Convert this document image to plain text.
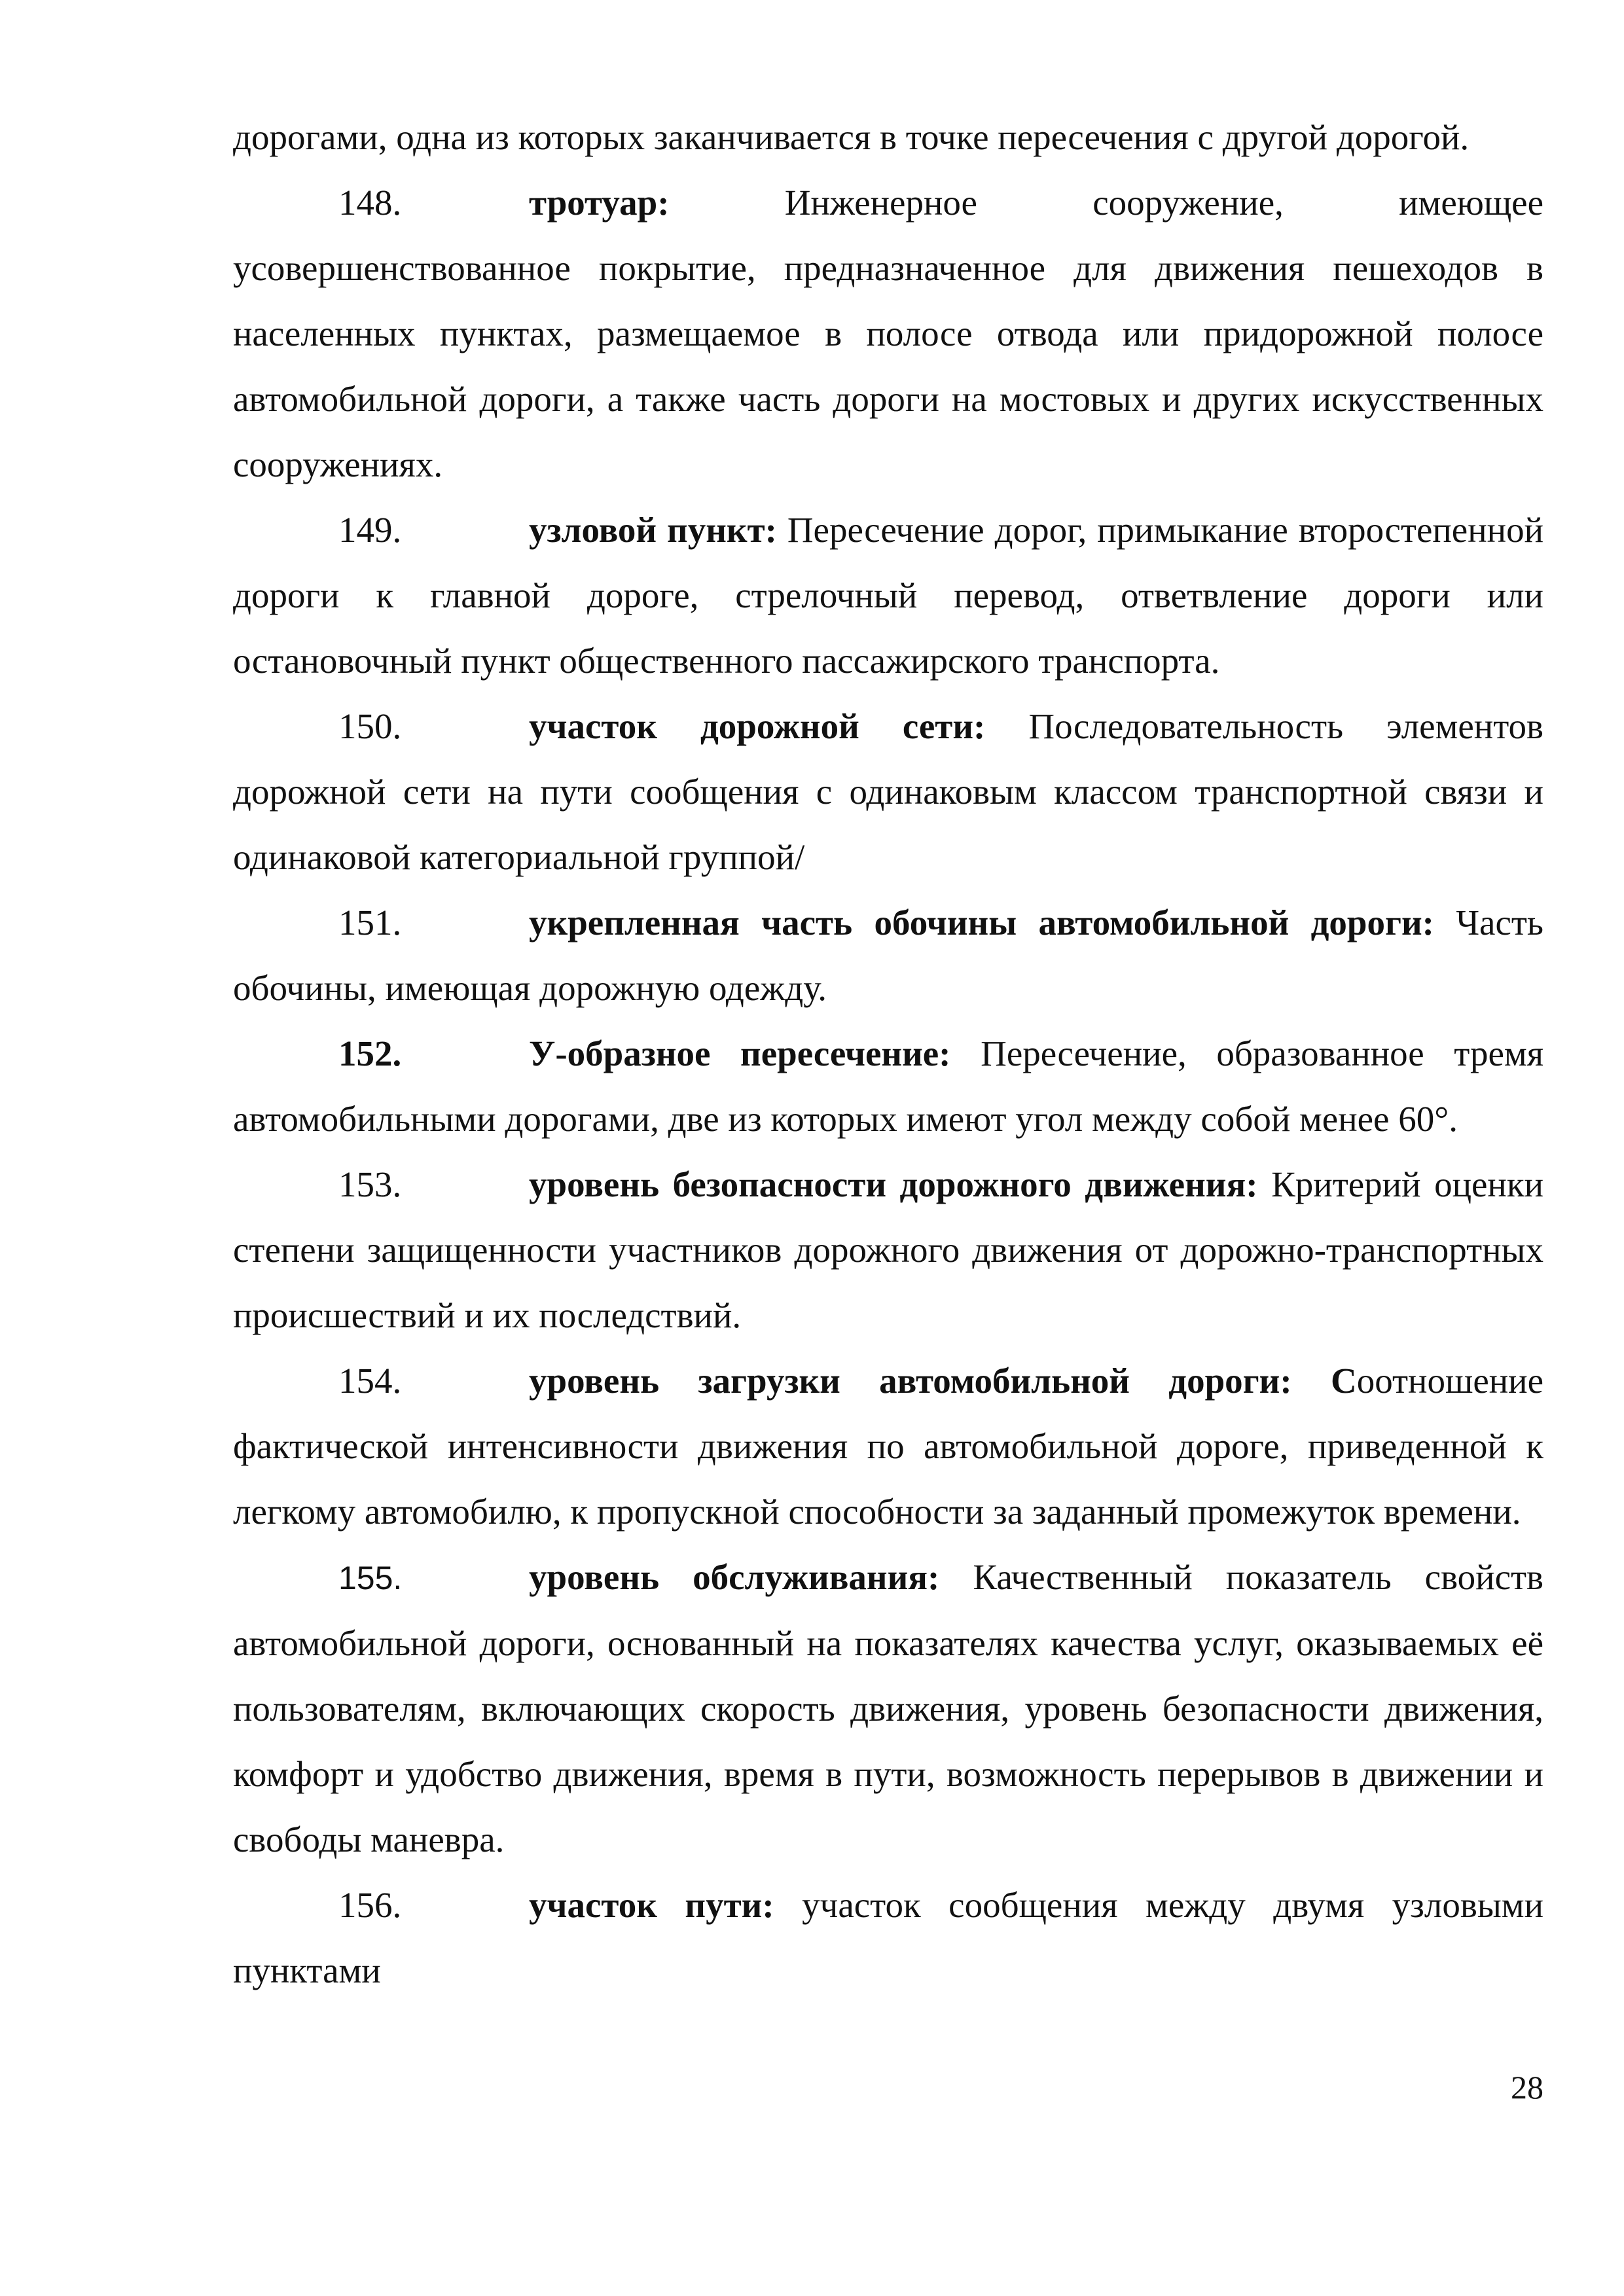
дорогами, одна из которых заканчивается в точке пересечения с другой дорогой.

148.	тротуар:	Инженерное сооружение, имеющее усовершенствованное покрытие, предназначенное для движения пешеходов в населенных пунктах, размещаемое в полосе отвода или придорожной полосе автомобильной дороги, а также часть дороги на мостовых и других искусственных сооружениях.

149.	узловой пункт: Пересечение дорог, примыкание второстепенной дороги к главной дороге, стрелочный перевод, ответвление дороги или остановочный пункт общественного пассажирского транспорта.

150.	участок дорожной сети: Последовательность элементов дорожной сети на пути сообщения с одинаковым классом транспортной связи и одинаковой категориальной группой/

151.	укрепленная часть обочины автомобильной дороги: Часть обочины, имеющая дорожную одежду.

152.	У-образное пересечение: Пересечение, образованное тремя автомобильными дорогами, две из которых имеют угол между собой менее 60°.

153.	уровень безопасности дорожного движения: Критерий оценки степени защищенности участников дорожного движения от дорожно-транспортных происшествий и их последствий.

154.	уровень загрузки автомобильной дороги: Соотношение фактической интенсивности движения по автомобильной дороге, приведенной к легкому автомобилю, к пропускной способности за заданный промежуток времени.

155.	уровень обслуживания: Качественный показатель свойств автомобильной дороги, основанный на показателях качества услуг, оказываемых её пользователям, включающих скорость движения, уровень безопасности движения, комфорт и удобство движения, время в пути, возможность перерывов в движении и свободы маневра.

156.	участок пути: участок сообщения между двумя узловыми пунктами

28
